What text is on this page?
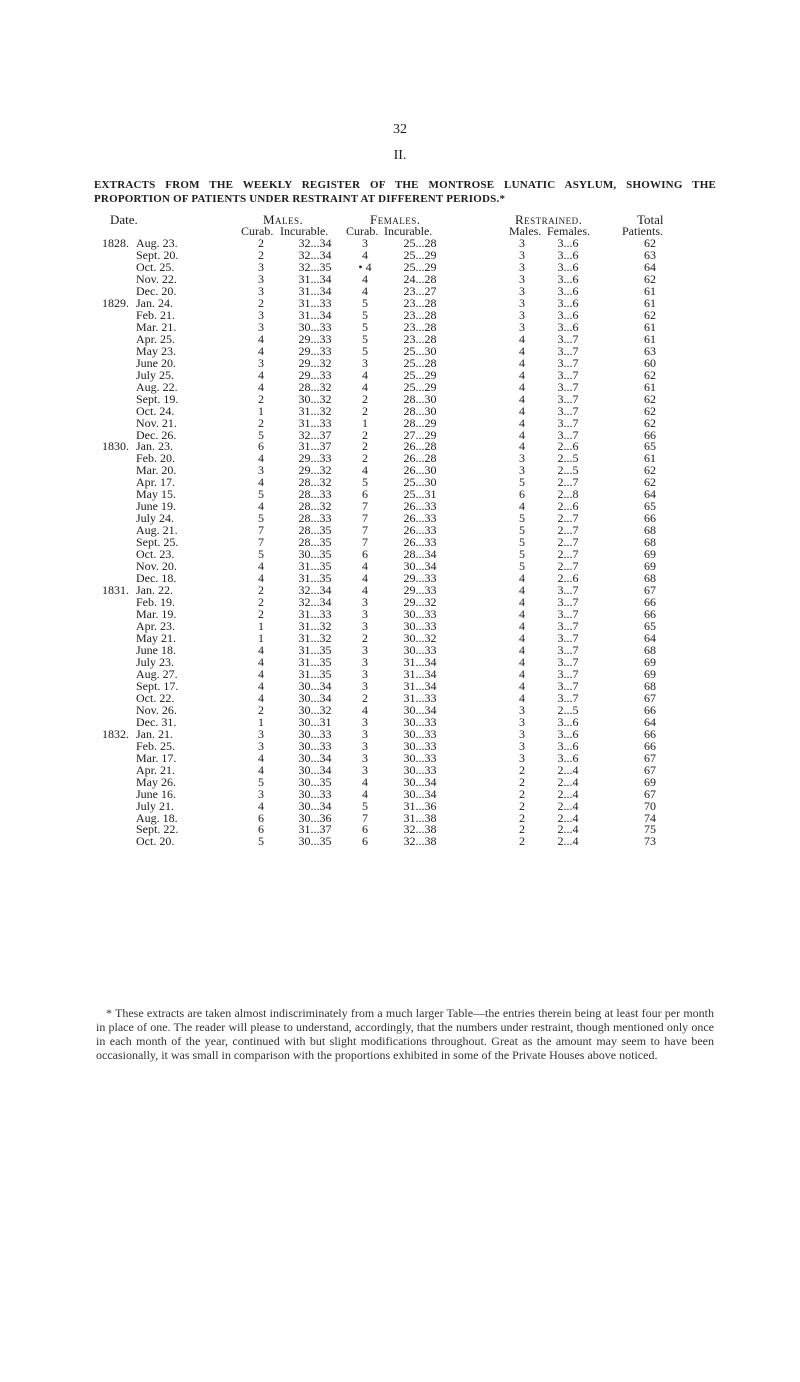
32
II.
EXTRACTS FROM THE WEEKLY REGISTER OF THE MONTROSE LUNATIC ASYLUM, SHOWING THE PROPORTION OF PATIENTS UNDER RESTRAINT AT DIFFERENT PERIODS.*
Date.	Males.	Females.	Restrained.	Total
Curab. Incurable. Curab. Incurable.	Males. Females.	Patients.
1828. Aug. 23.	2	32...34	3	25...28	3	3...6	62
Sept. 20.	2	32...34	4	25...29	3	3...6	63
Oct. 25.	3	32...35	• 4	25...29	3	3...6	64
Nov. 22.	3	31...34	4	24...28	3	3...6	62
Dec. 20.	3	31...34	4	23...27	3	3...6	61
1829. Jan. 24.	2	31...33	5	23...28	3	3...6	61
Feb. 21.	3	31...34	5	23...28	3	3...6	62
Mar. 21.	3	30...33	5	23...28	3	3...6	61
Apr. 25.	4	29...33	5	23...28	4	3...7	61
May 23.	4	29...33	5	25...30	4	3...7	63
June 20.	3	29...32	3	25...28	4	3...7	60
July 25.	4	29...33	4	25...29	4	3...7	62
Aug. 22.	4	28...32	4	25...29	4	3...7	61
Sept. 19.	2	30...32	2	28...30	4	3...7	62
Oct. 24.	1	31...32	2	28...30	4	3...7	62
Nov. 21.	2	31...33	1	28...29	4	3...7	62
Dec. 26.	5	32...37	2	27...29	4	3...7	66
1830. Jan. 23.	6	31...37	2	26...28	4	2...6	65
Feb. 20.	4	29...33	2	26...28	3	2...5	61
Mar. 20.	3	29...32	4	26...30	3	2...5	62
Apr. 17.	4	28...32	5	25...30	5	2...7	62
May 15.	5	28...33	6	25...31	6	2...8	64
June 19.	4	28...32	7	26...33	4	2...6	65
July 24.	5	28...33	7	26...33	5	2...7	66
Aug. 21.	7	28...35	7	26...33	5	2...7	68
Sept. 25.	7	28...35	7	26...33	5	2...7	68
Oct. 23.	5	30...35	6	28...34	5	2...7	69
Nov. 20.	4	31...35	4	30...34	5	2...7	69
Dec. 18.	4	31...35	4	29...33	4	2...6	68
1831. Jan. 22.	2	32...34	4	29...33	4	3...7	67
Feb. 19.	2	32...34	3	29...32	4	3...7	66
Mar. 19.	2	31...33	3	30...33	4	3...7	66
Apr. 23.	1	31...32	3	30...33	4	3...7	65
May 21.	1	31...32	2	30...32	4	3...7	64
June 18.	4	31...35	3	30...33	4	3...7	68
July 23.	4	31...35	3	31...34	4	3...7	69
Aug. 27.	4	31...35	3	31...34	4	3...7	69
Sept. 17.	4	30...34	3	31...34	4	3...7	68
Oct. 22.	4	30...34	2	31...33	4	3...7	67
Nov. 26.	2	30...32	4	30...34	3	2...5	66
Dec. 31.	1	30...31	3	30...33	3	3...6	64
1832. Jan. 21.	3	30...33	3	30...33	3	3...6	66
Feb. 25.	3	30...33	3	30...33	3	3...6	66
Mar. 17.	4	30...34	3	30...33	3	3...6	67
Apr. 21.	4	30...34	3	30...33	2	2...4	67
May 26.	5	30...35	4	30...34	2	2...4	69
June 16.	3	30...33	4	30...34	2	2...4	67
July 21.	4	30...34	5	31...36	2	2...4	70
Aug. 18.	6	30...36	7	31...38	2	2...4	74
Sept. 22.	6	31...37	6	32...38	2	2...4	75
Oct. 20.	5	30...35	6	32...38	2	2...4	73
* These extracts are taken almost indiscriminately from a much larger Table—the entries therein being at least four per month in place of one. The reader will please to understand, accordingly, that the numbers under restraint, though mentioned only once in each month of the year, continued with but slight modifications throughout. Great as the amount may seem to have been occasionally, it was small in comparison with the proportions exhibited in some of the Private Houses above noticed.
